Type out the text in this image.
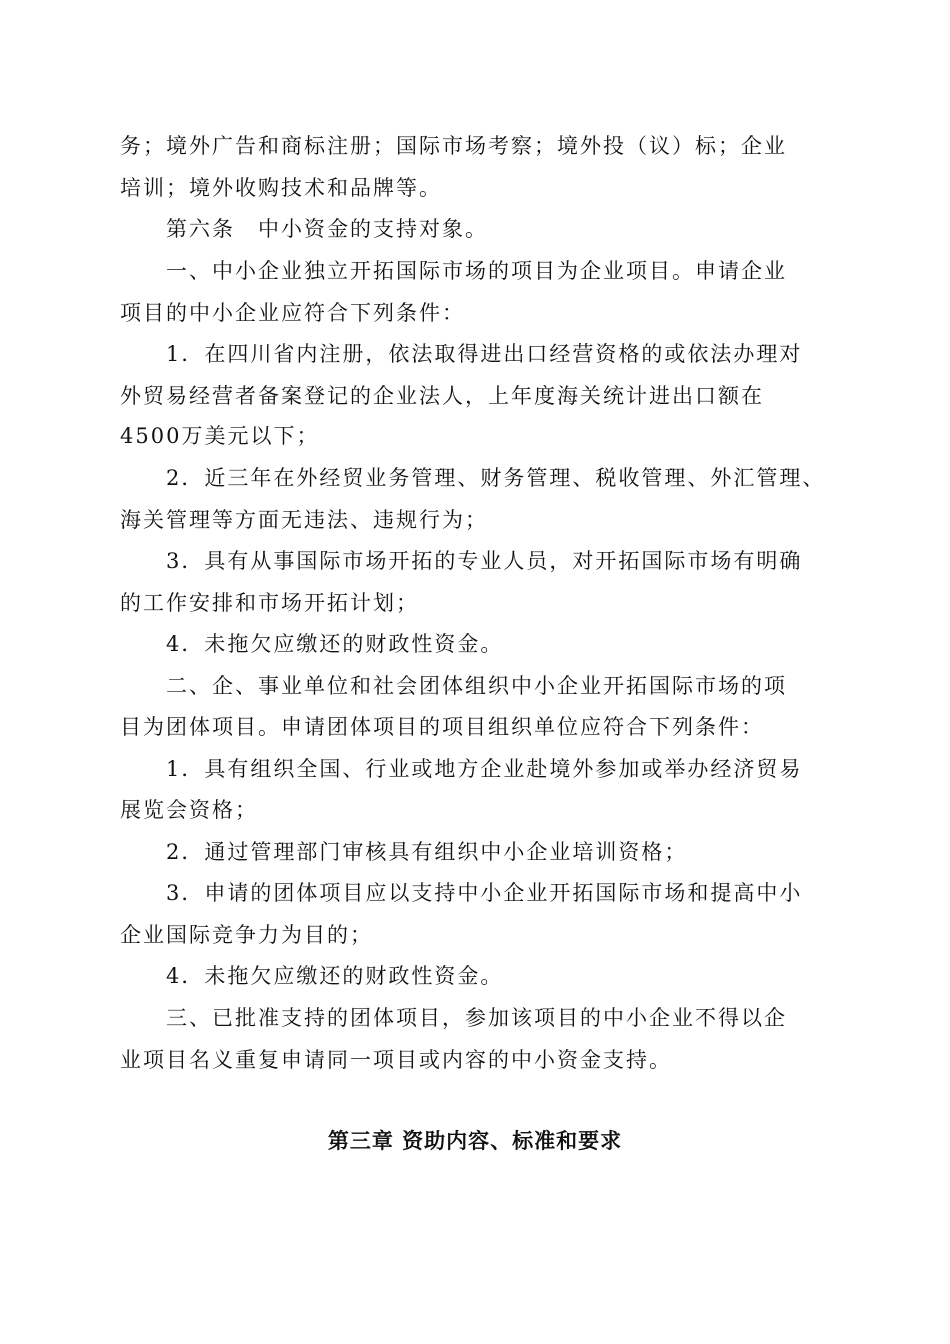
务；境外广告和商标注册；国际市场考察；境外投（议）标；企业
培训；境外收购技术和品牌等。
第六条　中小资金的支持对象。
一、中小企业独立开拓国际市场的项目为企业项目。申请企业
项目的中小企业应符合下列条件：
1．在四川省内注册，依法取得进出口经营资格的或依法办理对
外贸易经营者备案登记的企业法人，上年度海关统计进出口额在
4500万美元以下；
2．近三年在外经贸业务管理、财务管理、税收管理、外汇管理、
海关管理等方面无违法、违规行为；
3．具有从事国际市场开拓的专业人员，对开拓国际市场有明确
的工作安排和市场开拓计划；
4．未拖欠应缴还的财政性资金。
二、企、事业单位和社会团体组织中小企业开拓国际市场的项
目为团体项目。申请团体项目的项目组织单位应符合下列条件：
1．具有组织全国、行业或地方企业赴境外参加或举办经济贸易
展览会资格；
2．通过管理部门审核具有组织中小企业培训资格；
3．申请的团体项目应以支持中小企业开拓国际市场和提高中小
企业国际竞争力为目的；
4．未拖欠应缴还的财政性资金。
三、已批准支持的团体项目，参加该项目的中小企业不得以企
业项目名义重复申请同一项目或内容的中小资金支持。
第三章 资助内容、标准和要求
